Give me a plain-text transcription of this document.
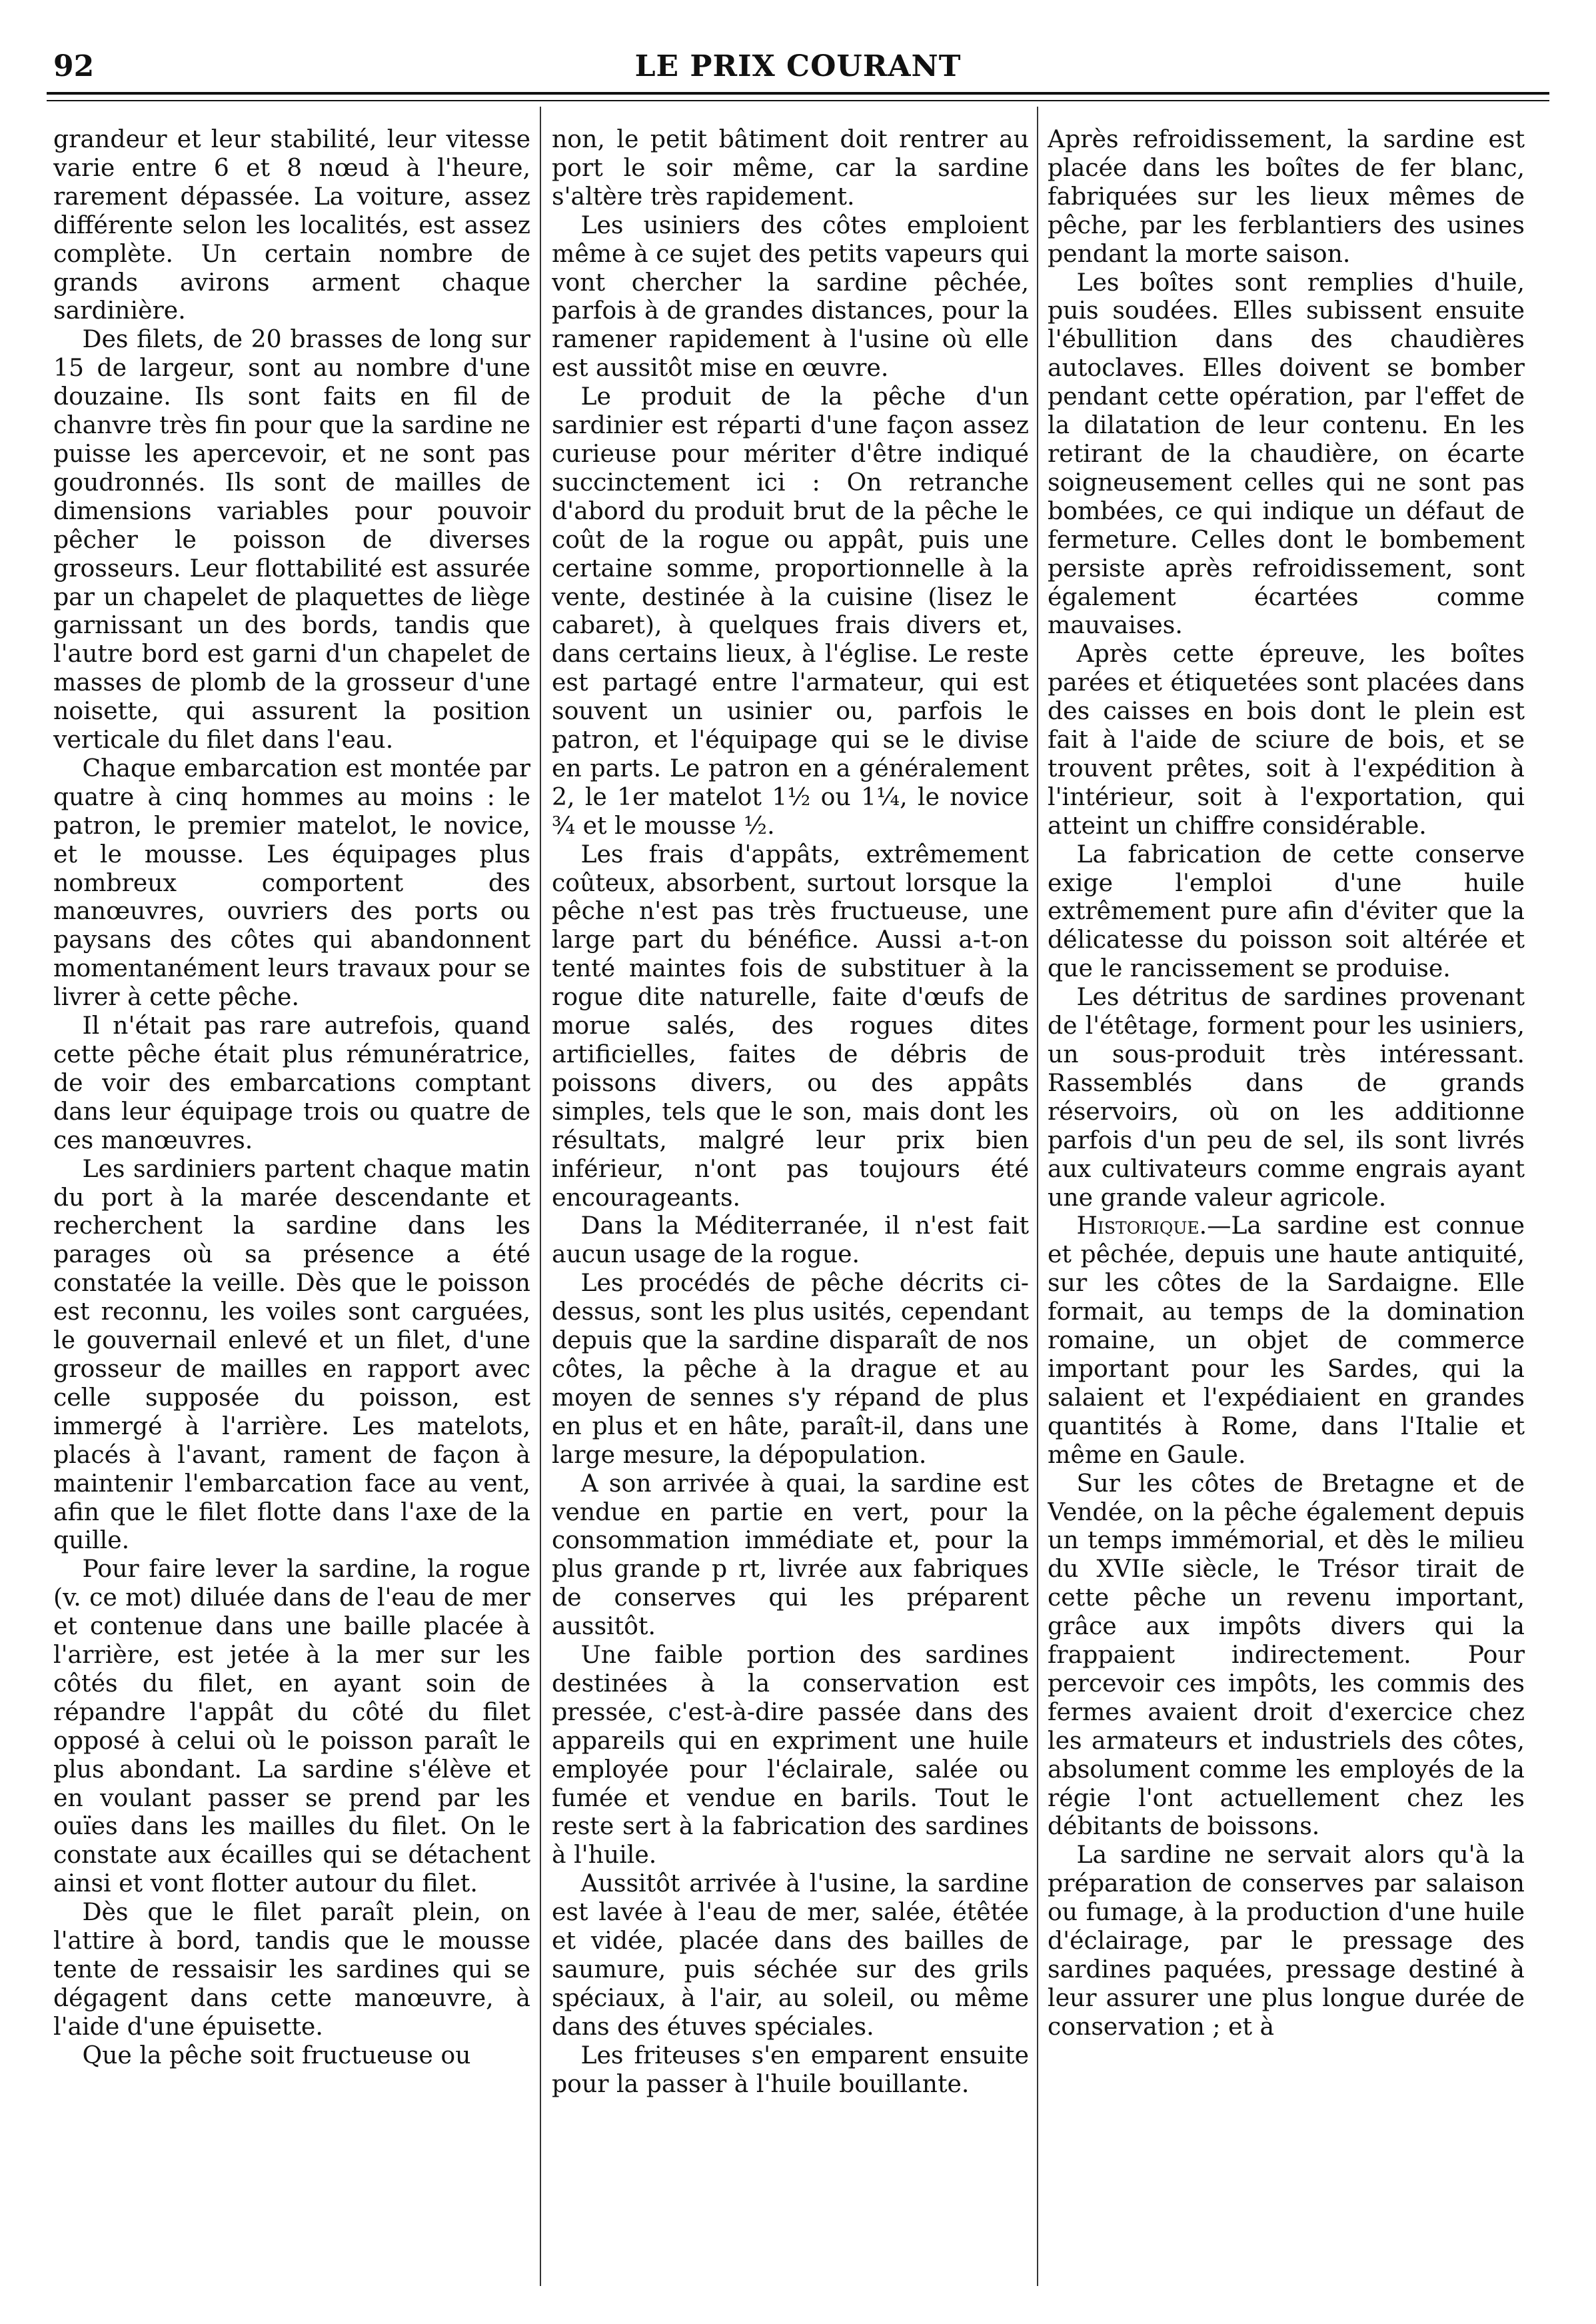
92	LE PRIX COURANT

grandeur et leur stabilité, leur vitesse varie entre 6 et 8 nœud à l'heure, rarement dépassée. La voiture, assez différente selon les localités, est assez complète. Un certain nombre de grands avirons arment chaque sardinière.

Des filets, de 20 brasses de long sur 15 de largeur, sont au nombre d'une douzaine. Ils sont faits en fil de chanvre très fin pour que la sardine ne puisse les apercevoir, et ne sont pas goudronnés. Ils sont de mailles de dimensions variables pour pouvoir pêcher le poisson de diverses grosseurs. Leur flottabilité est assurée par un chapelet de plaquettes de liège garnissant un des bords, tandis que l'autre bord est garni d'un chapelet de masses de plomb de la grosseur d'une noisette, qui assurent la position verticale du filet dans l'eau.

Chaque embarcation est montée par quatre à cinq hommes au moins : le patron, le premier matelot, le novice, et le mousse. Les équipages plus nombreux comportent des manœuvres, ouvriers des ports ou paysans des côtes qui abandonnent momentanément leurs travaux pour se livrer à cette pêche.

Il n'était pas rare autrefois, quand cette pêche était plus rémunératrice, de voir des embarcations comptant dans leur équipage trois ou quatre de ces manœuvres.

Les sardiniers partent chaque matin du port à la marée descendante et recherchent la sardine dans les parages où sa présence a été constatée la veille. Dès que le poisson est reconnu, les voiles sont carguées, le gouvernail enlevé et un filet, d'une grosseur de mailles en rapport avec celle supposée du poisson, est immergé à l'arrière. Les matelots, placés à l'avant, rament de façon à maintenir l'embarcation face au vent, afin que le filet flotte dans l'axe de la quille.

Pour faire lever la sardine, la rogue (v. ce mot) diluée dans de l'eau de mer et contenue dans une baille placée à l'arrière, est jetée à la mer sur les côtés du filet, en ayant soin de répandre l'appât du côté du filet opposé à celui où le poisson paraît le plus abondant. La sardine s'élève et en voulant passer se prend par les ouïes dans les mailles du filet. On le constate aux écailles qui se détachent ainsi et vont flotter autour du filet.

Dès que le filet paraît plein, on l'attire à bord, tandis que le mousse tente de ressaisir les sardines qui se dégagent dans cette manœuvre, à l'aide d'une épuisette.

Que la pêche soit fructueuse ou

non, le petit bâtiment doit rentrer au port le soir même, car la sardine s'altère très rapidement.

Les usiniers des côtes emploient même à ce sujet des petits vapeurs qui vont chercher la sardine pêchée, parfois à de grandes distances, pour la ramener rapidement à l'usine où elle est aussitôt mise en œuvre.

Le produit de la pêche d'un sardinier est réparti d'une façon assez curieuse pour mériter d'être indiqué succinctement ici : On retranche d'abord du produit brut de la pêche le coût de la rogue ou appât, puis une certaine somme, proportionnelle à la vente, destinée à la cuisine (lisez le cabaret), à quelques frais divers et, dans certains lieux, à l'église. Le reste est partagé entre l'armateur, qui est souvent un usinier ou, parfois le patron, et l'équipage qui se le divise en parts. Le patron en a généralement 2, le 1er matelot 1½ ou 1¼, le novice ¾ et le mousse ½.

Les frais d'appâts, extrêmement coûteux, absorbent, surtout lorsque la pêche n'est pas très fructueuse, une large part du bénéfice. Aussi a-t-on tenté maintes fois de substituer à la rogue dite naturelle, faite d'œufs de morue salés, des rogues dites artificielles, faites de débris de poissons divers, ou des appâts simples, tels que le son, mais dont les résultats, malgré leur prix bien inférieur, n'ont pas toujours été encourageants.

Dans la Méditerranée, il n'est fait aucun usage de la rogue.

Les procédés de pêche décrits ci-dessus, sont les plus usités, cependant depuis que la sardine disparaît de nos côtes, la pêche à la drague et au moyen de sennes s'y répand de plus en plus et en hâte, paraît-il, dans une large mesure, la dépopulation.

A son arrivée à quai, la sardine est vendue en partie en vert, pour la consommation immédiate et, pour la plus grande p rt, livrée aux fabriques de conserves qui les préparent aussitôt.

Une faible portion des sardines destinées à la conservation est pressée, c'est-à-dire passée dans des appareils qui en expriment une huile employée pour l'éclairale, salée ou fumée et vendue en barils. Tout le reste sert à la fabrication des sardines à l'huile.

Aussitôt arrivée à l'usine, la sardine est lavée à l'eau de mer, salée, étêtée et vidée, placée dans des bailles de saumure, puis séchée sur des grils spéciaux, à l'air, au soleil, ou même dans des étuves spéciales.

Les friteuses s'en emparent ensuite pour la passer à l'huile bouillante.

Après refroidissement, la sardine est placée dans les boîtes de fer blanc, fabriquées sur les lieux mêmes de pêche, par les ferblantiers des usines pendant la morte saison.

Les boîtes sont remplies d'huile, puis soudées. Elles subissent ensuite l'ébullition dans des chaudières autoclaves. Elles doivent se bomber pendant cette opération, par l'effet de la dilatation de leur contenu. En les retirant de la chaudière, on écarte soigneusement celles qui ne sont pas bombées, ce qui indique un défaut de fermeture. Celles dont le bombement persiste après refroidissement, sont également écartées comme mauvaises.

Après cette épreuve, les boîtes parées et étiquetées sont placées dans des caisses en bois dont le plein est fait à l'aide de sciure de bois, et se trouvent prêtes, soit à l'expédition à l'intérieur, soit à l'exportation, qui atteint un chiffre considérable.

La fabrication de cette conserve exige l'emploi d'une huile extrêmement pure afin d'éviter que la délicatesse du poisson soit altérée et que le rancissement se produise.

Les détritus de sardines provenant de l'étêtage, forment pour les usiniers, un sous-produit très intéressant. Rassemblés dans de grands réservoirs, où on les additionne parfois d'un peu de sel, ils sont livrés aux cultivateurs comme engrais ayant une grande valeur agricole.

Historique.—La sardine est connue et pêchée, depuis une haute antiquité, sur les côtes de la Sardaigne. Elle formait, au temps de la domination romaine, un objet de commerce important pour les Sardes, qui la salaient et l'expédiaient en grandes quantités à Rome, dans l'Italie et même en Gaule.

Sur les côtes de Bretagne et de Vendée, on la pêche également depuis un temps immémorial, et dès le milieu du XVIIe siècle, le Trésor tirait de cette pêche un revenu important, grâce aux impôts divers qui la frappaient indirectement. Pour percevoir ces impôts, les commis des fermes avaient droit d'exercice chez les armateurs et industriels des côtes, absolument comme les employés de la régie l'ont actuellement chez les débitants de boissons.

La sardine ne servait alors qu'à la préparation de conserves par salaison ou fumage, à la production d'une huile d'éclairage, par le pressage des sardines paquées, pressage destiné à leur assurer une plus longue durée de conservation ; et à
